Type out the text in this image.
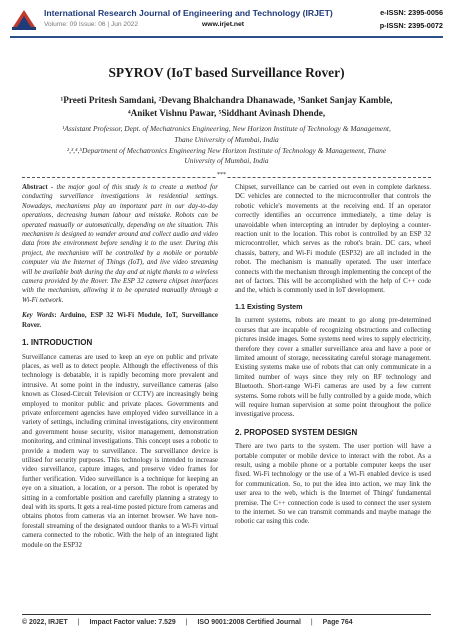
International Research Journal of Engineering and Technology (IRJET)	e-ISSN: 2395-0056
Volume: 09 Issue: 06 | Jun 2022	www.irjet.net	p-ISSN: 2395-0072
SPYROV (IoT based Surveillance Rover)
¹Preeti Pritesh Samdani, ²Devang Bhalchandra Dhanawade, ³Sanket Sanjay Kamble,
⁴Aniket Vishnu Pawar, ⁵Siddhant Avinash Dhende,
¹Assistant Professor, Dept. of Mechatronics Engineering, New Horizon Institute of Technology & Management,
Thane University of Mumbai, India
²,³,⁴,⁵Department of Mechatronics Engineering New Horizon Institute of Technology & Management, Thane
University of Mumbai, India
***

Abstract - the major goal of this study is to create a method for conducting surveillance investigations in residential settings. Nowadays, mechanisms play an important part in our day-to-day operations, decreasing human labour and mistake. Robots can be operated manually or automatically, depending on the situation. This mechanism is designed to wander around and collect audio and video data from the environment before sending it to the user. During this project, the mechanism will be controlled by a mobile or portable computer via the Internet of Things (IoT), and live video streaming will be available both during the day and at night thanks to a wireless camera provided by the Rover. The ESP 32 camera chipset interfaces with the mechanism, allowing it to be operated manually through a Wi-Fi network.

Key Words: Arduino, ESP 32 Wi-Fi Module, IoT, Surveillance Rover.

1. INTRODUCTION

Surveillance cameras are used to keep an eye on public and private places, as well as to detect people. Although the effectiveness of this technology is debatable, it is rapidly becoming more prevalent and intrusive. At some point in the industry, surveillance cameras (also known as Closed-Circuit Television or CCTV) are increasingly being employed to monitor public and private places. Governments and private enforcement agencies have employed video surveillance in a variety of settings, including criminal investigations, city environment and government house security, visitor management, demonstration monitoring, and criminal investigations. This concept uses a robotic to provide a modern way to surveillance. The surveillance device is utilised for security purposes. This technology is intended to increase video surveillance, capture images, and preserve video frames for further verification. Video surveillance is a technique for keeping an eye on a situation, a location, or a person. The robot is operated by sitting in a comfortable position and carefully planning a strategy to deal with its sports. It gets a real-time posted picture from cameras and obtains photos from cameras via an internet browser. We have non-forestall streaming of the designated outdoor thanks to a Wi-Fi virtual camera connected to the robotic. With the help of an integrated light module on the ESP32

Chipset, surveillance can be carried out even in complete darkness. DC vehicles are connected to the microcontroller that controls the robotic vehicle's movements at the receiving end. If an operator correctly identifies an occurrence immediately, a time delay is unavoidable when intercepting an intruder by deploying a counter-reaction unit to the location. This robot is controlled by an ESP 32 microcontroller, which serves as the robot's brain. DC cars, wheel chassis, battery, and Wi-Fi module (ESP32) are all included in the robot. The mechanism is manually operated. The user interface connects with the mechanism through implementing the concept of the net of factors. This will be accomplished with the help of C++ code and the, which is commonly used in IoT development.

1.1 Existing System

In current systems, robots are meant to go along pre-determined courses that are incapable of recognizing obstructions and collecting pictures inside images. Some systems need wires to supply electricity, therefore they cover a smaller surveillance area and have a poor or limited amount of storage, necessitating careful storage management. Existing systems make use of robots that can only communicate in a limited number of ways since they rely on RF technology and Bluetooth. Short-range Wi-Fi cameras are used by a few current systems. Some robots will be fully controlled by a guide mode, which will require human supervision at some point throughout the police investigative process.

2. PROPOSED SYSTEM DESIGN

There are two parts to the system. The user portion will have a portable computer or mobile device to interact with the robot. As a result, using a mobile phone or a portable computer keeps the user fixed. Wi-Fi technology or the use of a Wi-Fi enabled device is used for communication. So, to put the idea into action, we may link the user area to the web, which is the Internet of Things' fundamental premise. The C++ connection code is used to connect the user system to the internet. So we can transmit commands and maybe manage the robotic car using this code.

© 2022, IRJET | Impact Factor value: 7.529 | ISO 9001:2008 Certified Journal | Page 764
